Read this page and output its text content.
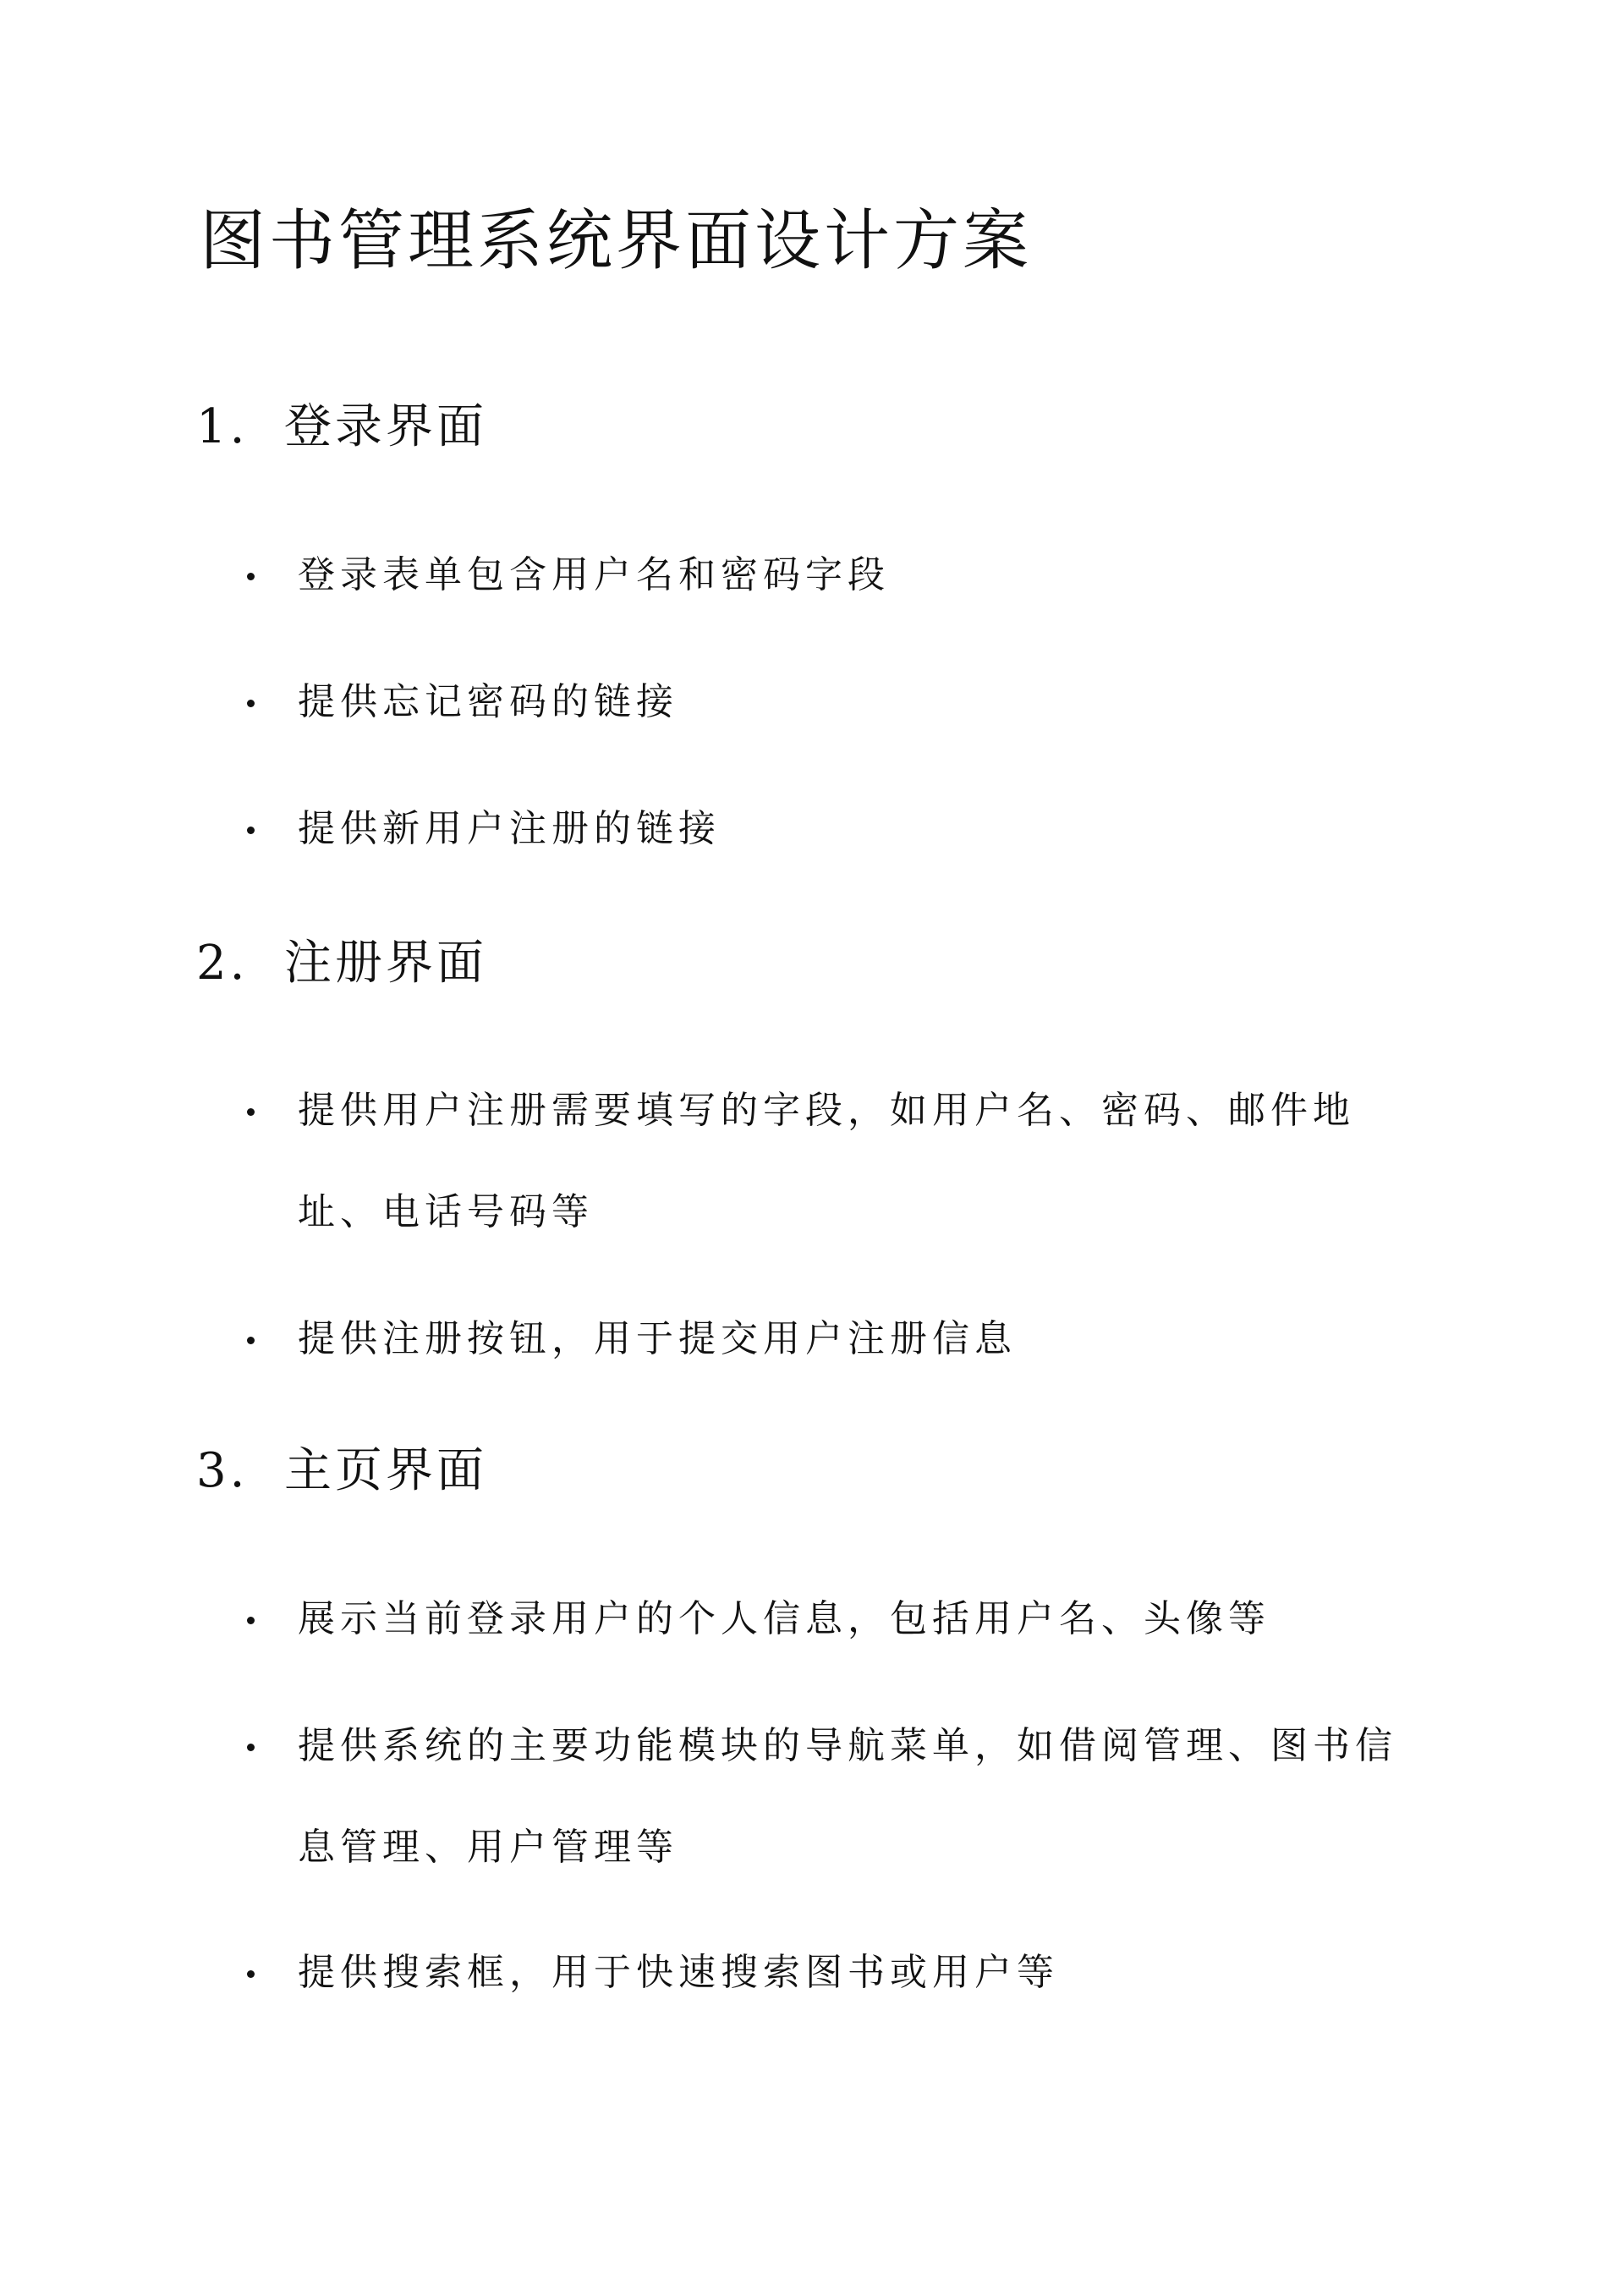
图书管理系统界面设计方案
1. 登录界面
登录表单包含用户名和密码字段
提供忘记密码的链接
提供新用户注册的链接
2. 注册界面
提供用户注册需要填写的字段，如用户名、密码、邮件地址、电话号码等
提供注册按钮，用于提交用户注册信息
3. 主页界面
展示当前登录用户的个人信息，包括用户名、头像等
提供系统的主要功能模块的导航菜单，如借阅管理、图书信息管理、用户管理等
提供搜索框，用于快速搜索图书或用户等
